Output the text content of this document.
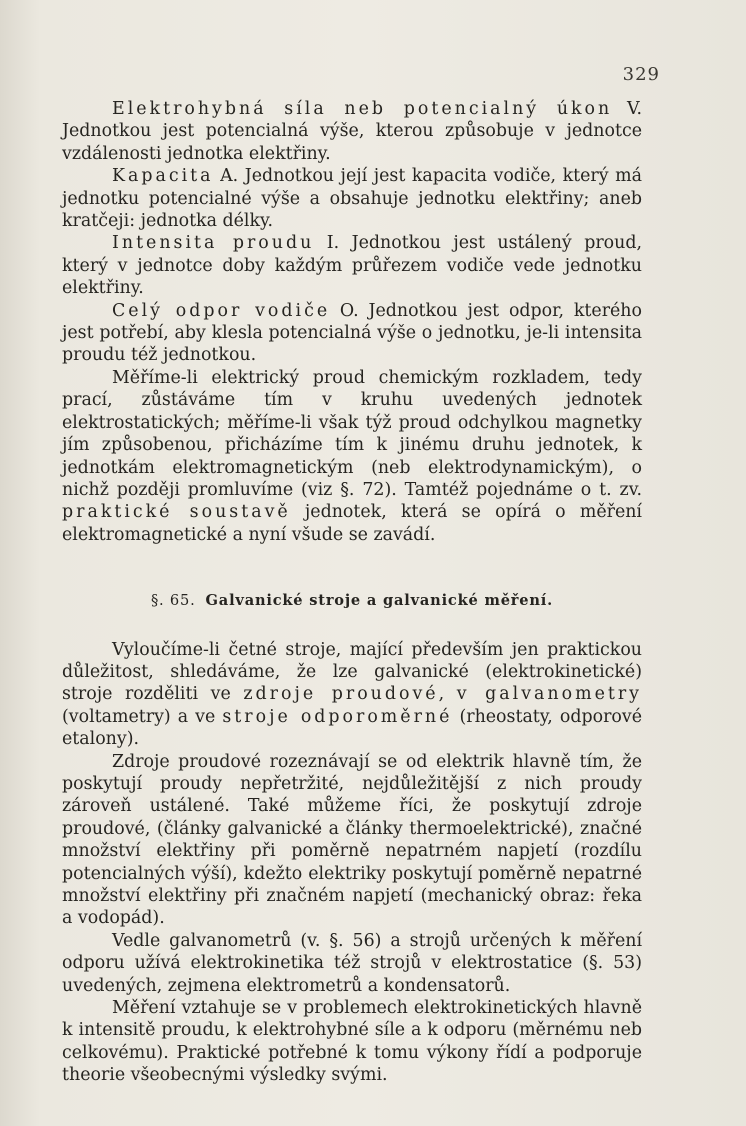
329

Elektrohybná síla neb potencialný úkon V. Jednotkou jest potencialná výše, kterou způsobuje v jednotce vzdálenosti jednotka elektřiny.

Kapacita A. Jednotkou její jest kapacita vodiče, který má jednotku potencialné výše a obsahuje jednotku elektřiny; aneb kratčeji: jednotka délky.

Intensita proudu I. Jednotkou jest ustálený proud, který v jednotce doby každým průřezem vodiče vede jednotku elektřiny.

Celý odpor vodiče O. Jednotkou jest odpor, kterého jest potřebí, aby klesla potencialná výše o jednotku, je-li intensita proudu též jednotkou.

Měříme-li elektrický proud chemickým rozkladem, tedy prací, zůstáváme tím v kruhu uvedených jednotek elektrostatických; měříme-li však týž proud odchylkou magnetky jím způsobenou, přicházíme tím k jinému druhu jednotek, k jednotkám elektromagnetickým (neb elektrodynamickým), o nichž později promluvíme (viz §. 72). Tamtéž pojednáme o t. zv. praktické soustavě jednotek, která se opírá o měření elektromagnetické a nyní všude se zavádí.

§. 65. Galvanické stroje a galvanické měření.

Vyloučíme-li četné stroje, mající především jen praktickou důležitost, shledáváme, že lze galvanické (elektrokinetické) stroje rozděliti ve zdroje proudové, v galvanometry (voltametry) a ve stroje odporoměrné (rheostaty, odporové etalony).

Zdroje proudové rozeznávají se od elektrik hlavně tím, že poskytují proudy nepřetržité, nejdůležitější z nich proudy zároveň ustálené. Také můžeme říci, že poskytují zdroje proudové, (články galvanické a články thermoelektrické), značné množství elektřiny při poměrně nepatrném napjetí (rozdílu potencialných výší), kdežto elektriky poskytují poměrně nepatrné množství elektřiny při značném napjetí (mechanický obraz: řeka a vodopád).

Vedle galvanometrů (v. §. 56) a strojů určených k měření odporu užívá elektrokinetika též strojů v elektrostatice (§. 53) uvedených, zejmena elektrometrů a kondensatorů.

Měření vztahuje se v problemech elektrokinetických hlavně k intensitě proudu, k elektrohybné síle a k odporu (měrnému neb celkovému). Praktické potřebné k tomu výkony řídí a podporuje theorie všeobecnými výsledky svými.
